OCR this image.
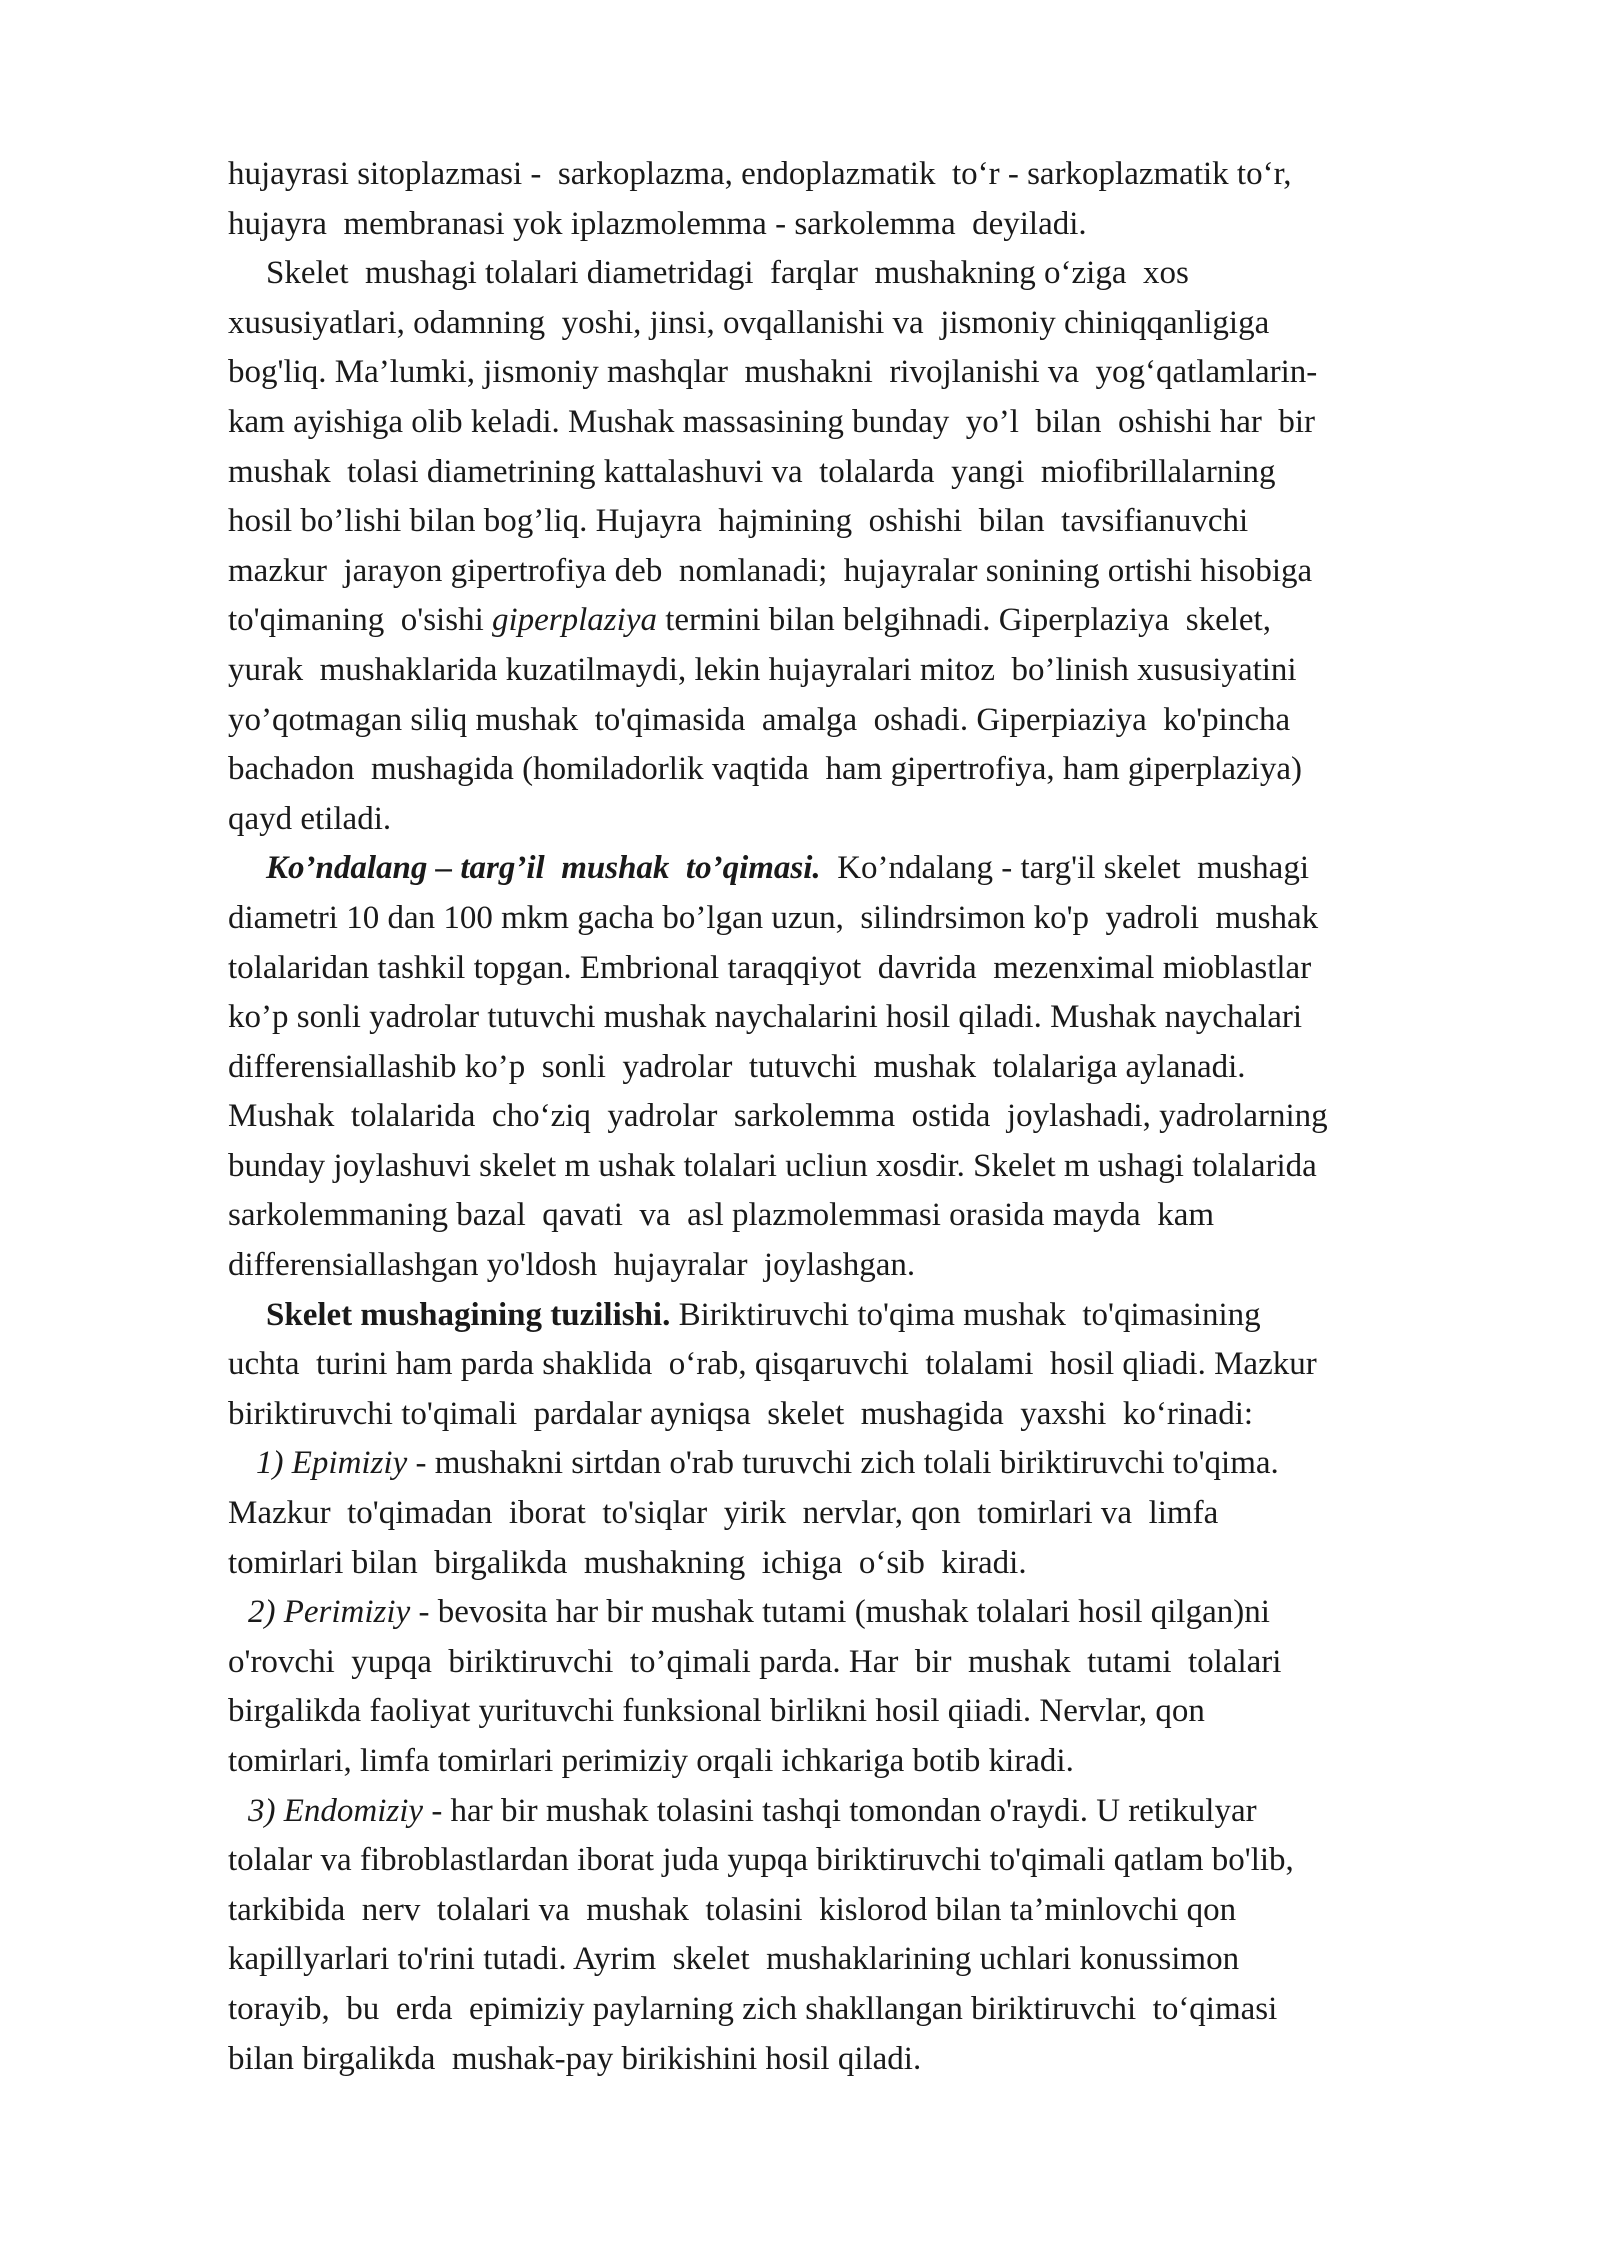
hujayrasi sitoplazmasi -  sarkoplazma, endoplazmatik  to‘r - sarkoplazmatik to‘r,
hujayra  membranasi yok iplazmolemma - sarkolemma  deyiladi.
Skelet  mushagi tolalari diametridagi  farqlar  mushakning o‘ziga  xos
xususiyatlari, odamning  yoshi, jinsi, ovqallanishi va  jismoniy chiniqqanligiga
bog'liq. Ma’lumki, jismoniy mashqlar  mushakni  rivojlanishi va  yog‘qatlamlarin-
kam ayishiga olib keladi. Mushak massasining bunday  yo’l  bilan  oshishi har  bir
mushak  tolasi diametrining kattalashuvi va  tolalarda  yangi  miofibrillalarning
hosil bo’lishi bilan bog’liq. Hujayra  hajmining  oshishi  bilan  tavsifianuvchi
mazkur  jarayon gipertrofiya deb  nomlanadi;  hujayralar sonining ortishi hisobiga
to'qimaning  o'sishi giperplaziya termini bilan belgihnadi. Giperplaziya  skelet,
yurak  mushaklarida kuzatilmaydi, lekin hujayralari mitoz  bo’linish xususiyatini
yo’qotmagan siliq mushak  to'qimasida  amalga  oshadi. Giperpiaziya  ko'pincha
bachadon  mushagida (homiladorlik vaqtida  ham gipertrofiya, ham giperplaziya)
qayd etiladi.
Ko’ndalang – targ’il  mushak  to’qimasi.  Ko’ndalang - targ'il skelet  mushagi
diametri 10 dan 100 mkm gacha bo’lgan uzun,  silindrsimon ko'p  yadroli  mushak
tolalaridan tashkil topgan. Embrional taraqqiyot  davrida  mezenximal mioblastlar
ko’p sonli yadrolar tutuvchi mushak naychalarini hosil qiladi. Mushak naychalari
differensiallashib ko’p  sonli  yadrolar  tutuvchi  mushak  tolalariga aylanadi.
Mushak  tolalarida  cho‘ziq  yadrolar  sarkolemma  ostida  joylashadi, yadrolarning
bunday joylashuvi skelet m ushak tolalari ucliun xosdir. Skelet m ushagi tolalarida
sarkolemmaning bazal  qavati  va  asl plazmolemmasi orasida mayda  kam
differensiallashgan yo'ldosh  hujayralar  joylashgan.
Skelet mushagining tuzilishi. Biriktiruvchi to'qima mushak  to'qimasining
uchta  turini ham parda shaklida  o‘rab, qisqaruvchi  tolalami  hosil qliadi. Mazkur
biriktiruvchi to'qimali  pardalar ayniqsa  skelet  mushagida  yaxshi  ko‘rinadi:
1) Epimiziy - mushakni sirtdan o'rab turuvchi zich tolali biriktiruvchi to'qima.
Mazkur  to'qimadan  iborat  to'siqlar  yirik  nervlar, qon  tomirlari va  limfa
tomirlari bilan  birgalikda  mushakning  ichiga  o‘sib  kiradi.
2) Perimiziy - bevosita har bir mushak tutami (mushak tolalari hosil qilgan)ni
o'rovchi  yupqa  biriktiruvchi  to’qimali parda. Har  bir  mushak  tutami  tolalari
birgalikda faoliyat yurituvchi funksional birlikni hosil qiiadi. Nervlar, qon
tomirlari, limfa tomirlari perimiziy orqali ichkariga botib kiradi.
3) Endomiziy - har bir mushak tolasini tashqi tomondan o'raydi. U retikulyar
tolalar va fibroblastlardan iborat juda yupqa biriktiruvchi to'qimali qatlam bo'lib,
tarkibida  nerv  tolalari va  mushak  tolasini  kislorod bilan ta’minlovchi qon
kapillyarlari to'rini tutadi. Ayrim  skelet  mushaklarining uchlari konussimon
torayib,  bu  erda  epimiziy paylarning zich shakllangan biriktiruvchi  to‘qimasi
bilan birgalikda  mushak-pay birikishini hosil qiladi.
